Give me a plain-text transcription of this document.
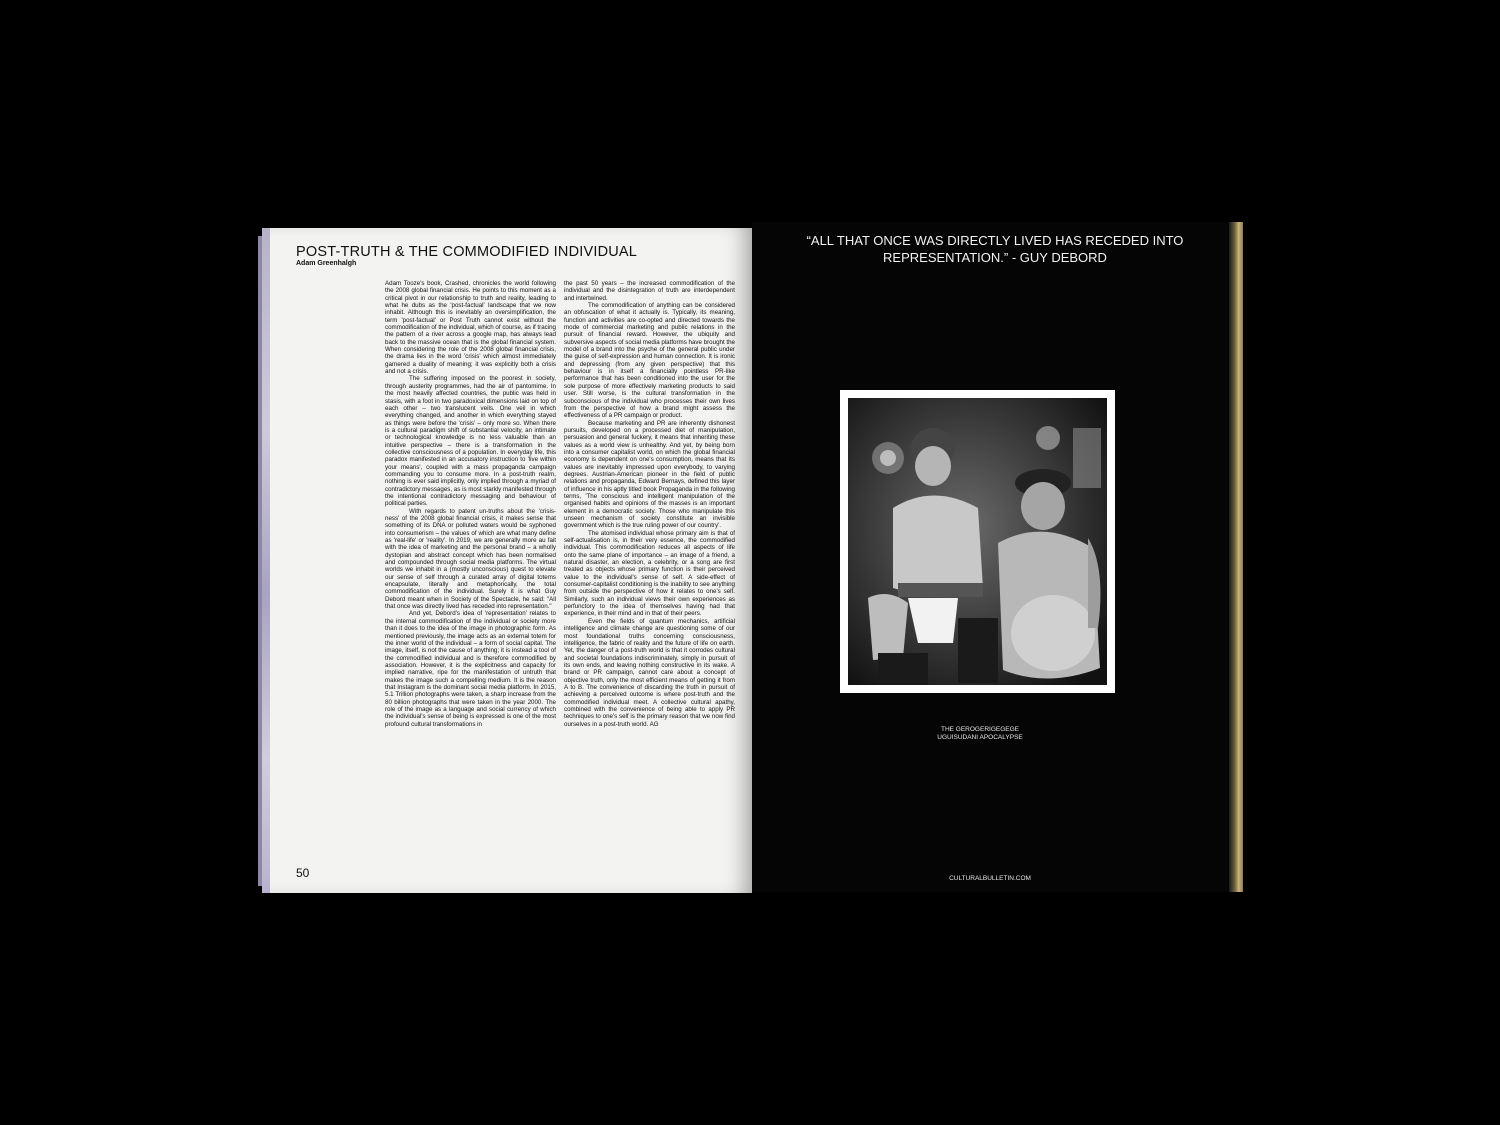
POST-TRUTH & THE COMMODIFIED INDIVIDUAL
Adam Greenhalgh

Adam Tooze's book, Crashed, chronicles the world following the 2008 global financial crisis. He points to this moment as a critical pivot in our relationship to truth and reality, leading to what he dubs as the 'post-factual' landscape that we now inhabit. Although this is inevitably an oversimplification, the term 'post-factual' or Post Truth cannot exist without the commodification of the individual, which of course, as if tracing the pattern of a river across a google map, has always lead back to the massive ocean that is the global financial system. When considering the role of the 2008 global financial crisis, the drama lies in the word 'crisis' which almost immediately garnered a duality of meaning; it was explicitly both a crisis and not a crisis.

The suffering imposed on the poorest in society, through austerity programmes, had the air of pantomime. In the most heavily affected countries, the public was held in stasis, with a foot in two paradoxical dimensions laid on top of each other – two translucent veils. One veil in which everything changed, and another in which everything stayed as things were before the 'crisis' – only more so. When there is a cultural paradigm shift of substantial velocity, an intimate or technological knowledge is no less valuable than an intuitive perspective – there is a transformation in the collective consciousness of a population. In everyday life, this paradox manifested in an accusatory instruction to 'live within your means', coupled with a mass propaganda campaign commanding you to consume more. In a post-truth realm, nothing is ever said implicitly, only implied through a myriad of contradictory messages, as is most starkly manifested through the intentional contradictory messaging and behaviour of political parties.

With regards to patent un-truths about the 'crisis-ness' of the 2008 global financial crisis, it makes sense that something of its DNA or polluted waters would be syphoned into consumerism – the values of which are what many define as 'real-life' or 'reality'. In 2019, we are generally more au fait with the idea of marketing and the personal brand – a wholly dystopian and abstract concept which has been normalised and compounded through social media platforms. The virtual worlds we inhabit in a (mostly unconscious) quest to elevate our sense of self through a curated array of digital totems encapsulate, literally and metaphorically, the total commodification of the individual. Surely it is what Guy Debord meant when in Society of the Spectacle, he said: "All that once was directly lived has receded into representation."

And yet, Debord's idea of 'representation' relates to the internal commodification of the individual or society more than it does to the idea of the image in photographic form. As mentioned previously, the image acts as an external totem for the inner world of the individual – a form of social capital. The image, itself, is not the cause of anything; it is instead a tool of the commodified individual and is therefore commodified by association. However, it is the explicitness and capacity for implied narrative, ripe for the manifestation of untruth that makes the image such a compelling medium. It is the reason that Instagram is the dominant social media platform. In 2015, 5.1 Trillion photographs were taken, a sharp increase from the 80 billion photographs that were taken in the year 2000. The role of the image as a language and social currency of which the individual's sense of being is expressed is one of the most profound cultural transformations in

the past 50 years – the increased commodification of the individual and the disintegration of truth are interdependent and intertwined.

The commodification of anything can be considered an obfuscation of what it actually is. Typically, its meaning, function and activities are co-opted and directed towards the mode of commercial marketing and public relations in the pursuit of financial reward. However, the ubiquity and subversive aspects of social media platforms have brought the model of a brand into the psyche of the general public under the guise of self-expression and human connection. It is ironic and depressing (from any given perspective) that this behaviour is in itself a financially pointless PR-like performance that has been conditioned into the user for the sole purpose of more effectively marketing products to said user. Still worse, is the cultural transformation in the subconscious of the individual who processes their own lives from the perspective of how a brand might assess the effectiveness of a PR campaign or product.

Because marketing and PR are inherently dishonest pursuits, developed on a processed diet of manipulation, persuasion and general fuckery, it means that inheriting these values as a world view is unhealthy. And yet, by being born into a consumer capitalist world, on which the global financial economy is dependent on one's consumption, means that its values are inevitably impressed upon everybody, to varying degrees. Austrian-American pioneer in the field of public relations and propaganda, Edward Bernays, defined this layer of influence in his aptly titled book Propaganda in the following terms, 'The conscious and intelligent manipulation of the organised habits and opinions of the masses is an important element in a democratic society. Those who manipulate this unseen mechanism of society constitute an invisible government which is the true ruling power of our country'.

The atomised individual whose primary aim is that of self-actualisation is, in their very essence, the commodified individual. This commodification reduces all aspects of life onto the same plane of importance – an image of a friend, a natural disaster, an election, a celebrity, or a song are first treated as objects whose primary function is their perceived value to the individual's sense of self. A side-effect of consumer-capitalist conditioning is the inability to see anything from outside the perspective of how it relates to one's self. Similarly, such an individual views their own experiences as perfunctory to the idea of themselves having had that experience, in their mind and in that of their peers.

Even the fields of quantum mechanics, artificial intelligence and climate change are questioning some of our most foundational truths concerning consciousness, intelligence, the fabric of reality and the future of life on earth. Yet, the danger of a post-truth world is that it corrodes cultural and societal foundations indiscriminately, simply in pursuit of its own ends, and leaving nothing constructive in its wake. A brand or PR campaign, cannot care about a concept of objective truth, only the most efficient means of getting it from A to B. The convenience of discarding the truth in pursuit of achieving a perceived outcome is where post-truth and the commodified individual meet. A collective cultural apathy, combined with the convenience of being able to apply PR techniques to one's self is the primary reason that we now find ourselves in a post-truth world. AG

50
“ALL THAT ONCE WAS DIRECTLY LIVED HAS RECEDED INTO REPRESENTATION.” - GUY DEBORD
THE GEROGERIGEGEGE
UGUISUDANI APOCALYPSE
CULTURALBULLETIN.COM
